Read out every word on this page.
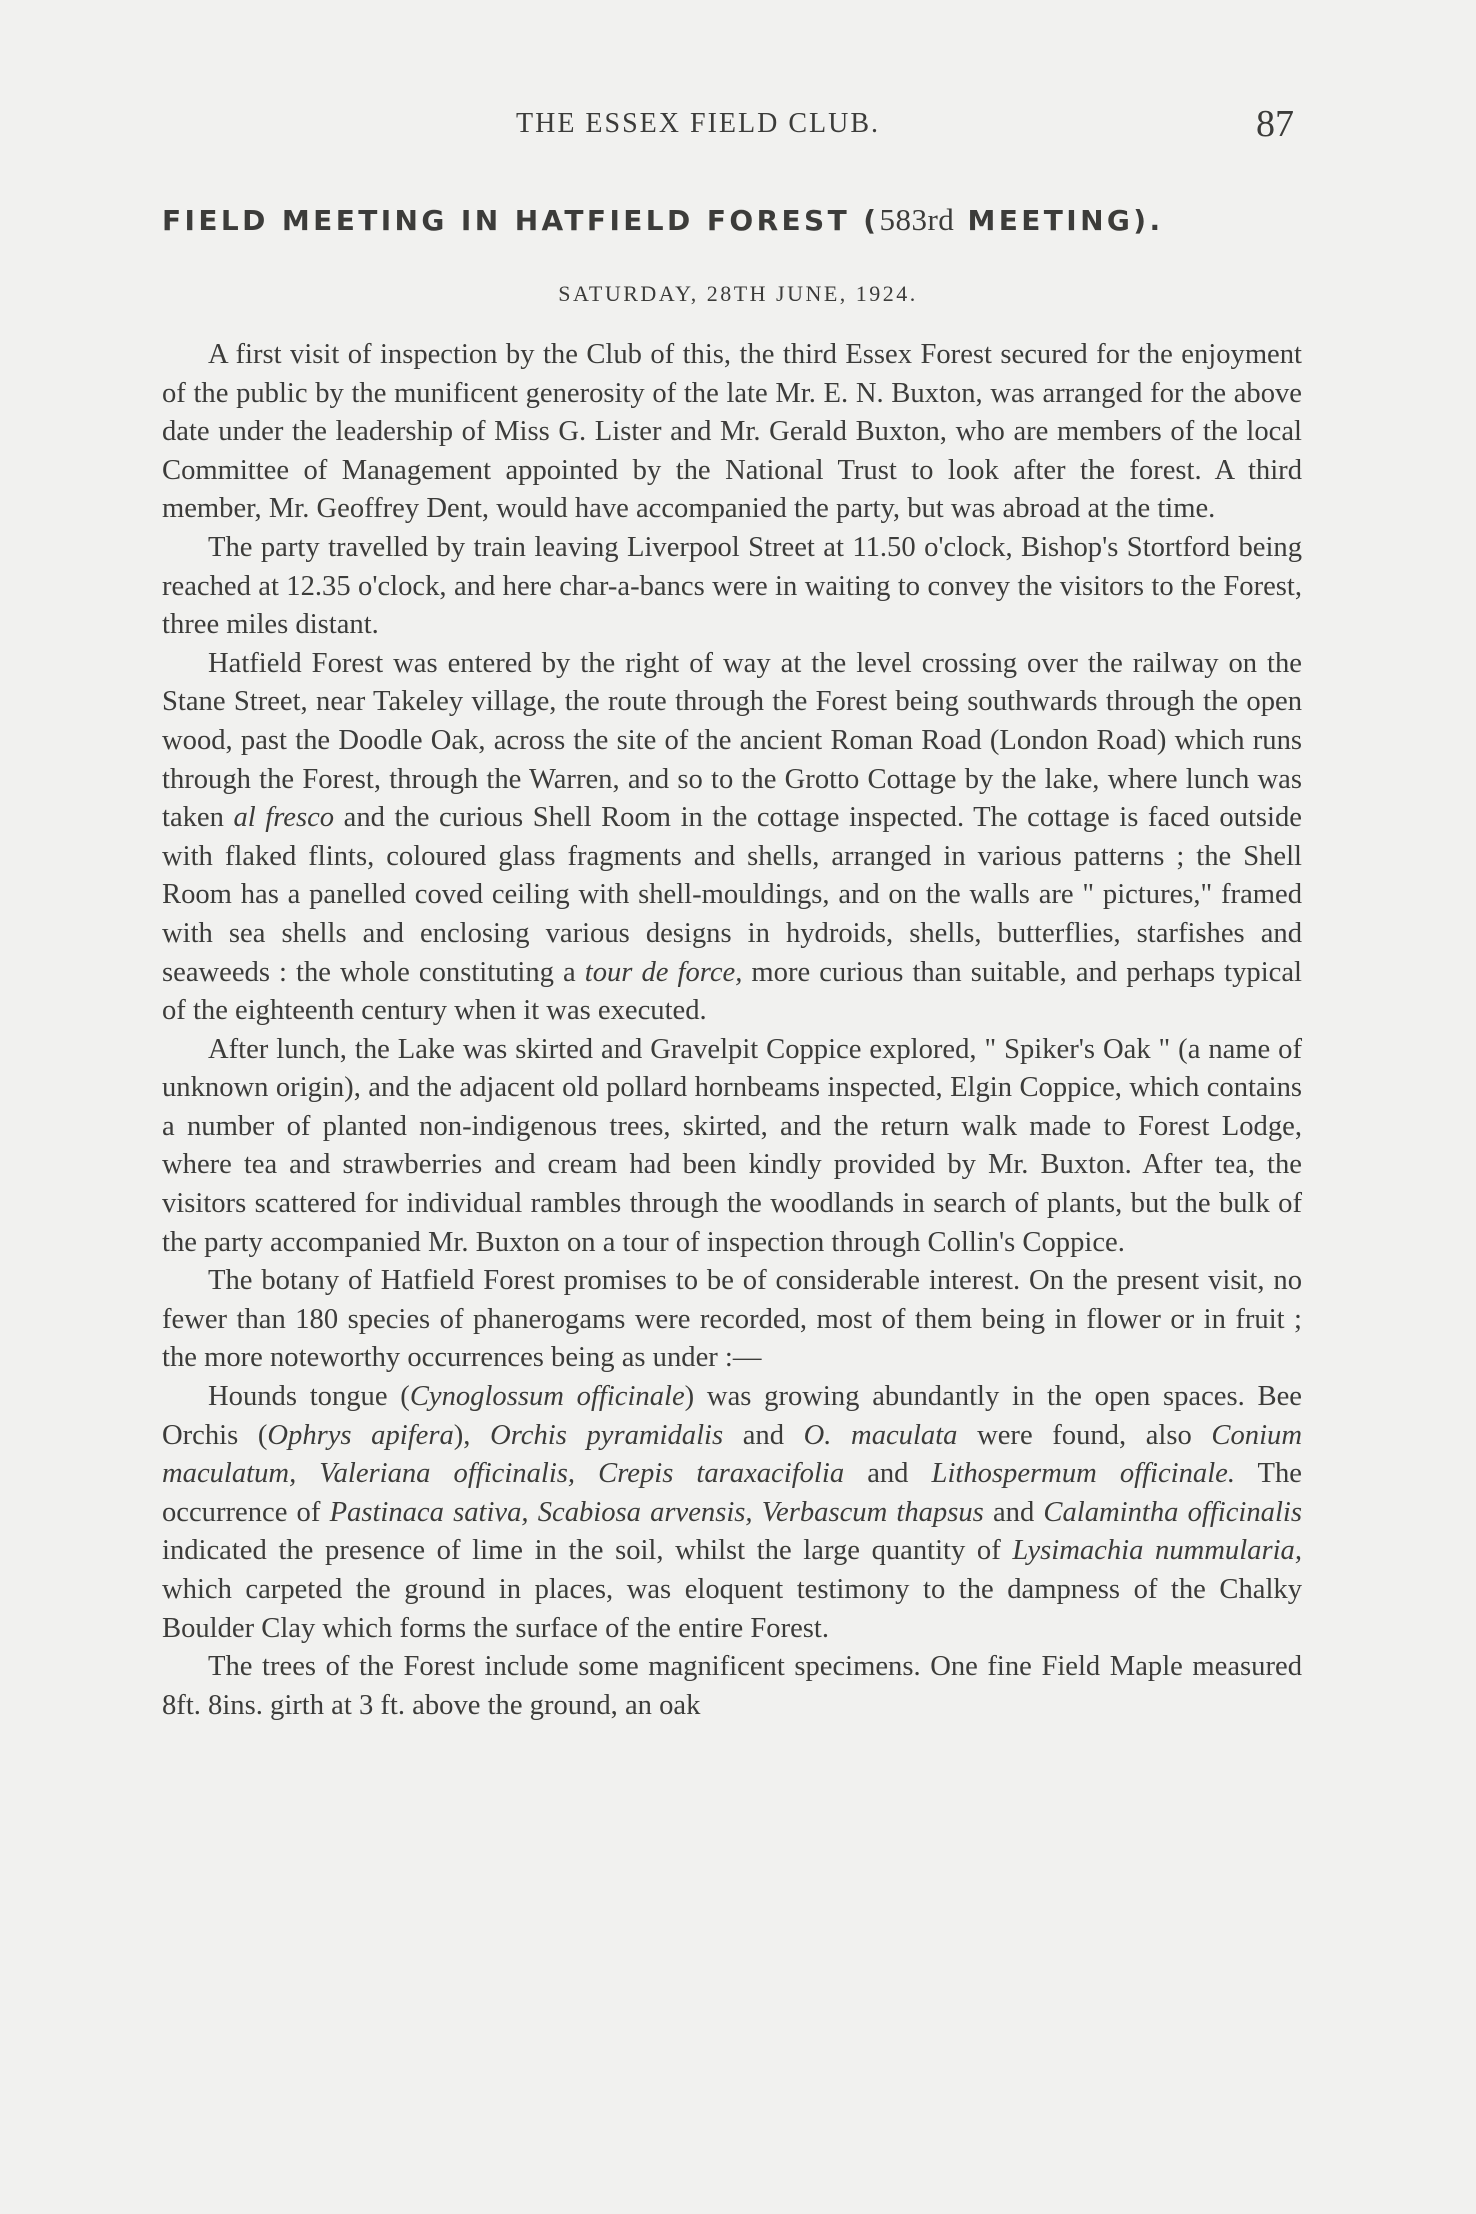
THE ESSEX FIELD CLUB.	87
FIELD MEETING IN HATFIELD FOREST (583rd MEETING).
SATURDAY, 28TH JUNE, 1924.

A first visit of inspection by the Club of this, the third Essex Forest secured for the enjoyment of the public by the munificent generosity of the late Mr. E. N. Buxton, was arranged for the above date under the leadership of Miss G. Lister and Mr. Gerald Buxton, who are members of the local Committee of Management appointed by the National Trust to look after the forest. A third member, Mr. Geoffrey Dent, would have accompanied the party, but was abroad at the time.

The party travelled by train leaving Liverpool Street at 11.50 o'clock, Bishop's Stortford being reached at 12.35 o'clock, and here char-a-bancs were in waiting to convey the visitors to the Forest, three miles distant.

Hatfield Forest was entered by the right of way at the level crossing over the railway on the Stane Street, near Takeley village, the route through the Forest being southwards through the open wood, past the Doodle Oak, across the site of the ancient Roman Road (London Road) which runs through the Forest, through the Warren, and so to the Grotto Cottage by the lake, where lunch was taken al fresco and the curious Shell Room in the cottage inspected. The cottage is faced outside with flaked flints, coloured glass fragments and shells, arranged in various patterns ; the Shell Room has a panelled coved ceiling with shell-mouldings, and on the walls are " pictures," framed with sea shells and enclosing various designs in hydroids, shells, butterflies, starfishes and seaweeds : the whole constituting a tour de force, more curious than suitable, and perhaps typical of the eighteenth century when it was executed.

After lunch, the Lake was skirted and Gravelpit Coppice explored, " Spiker's Oak " (a name of unknown origin), and the adjacent old pollard hornbeams inspected, Elgin Coppice, which contains a number of planted non-indigenous trees, skirted, and the return walk made to Forest Lodge, where tea and strawberries and cream had been kindly provided by Mr. Buxton. After tea, the visitors scattered for individual rambles through the woodlands in search of plants, but the bulk of the party accompanied Mr. Buxton on a tour of inspection through Collin's Coppice.

The botany of Hatfield Forest promises to be of considerable interest. On the present visit, no fewer than 180 species of phanerogams were recorded, most of them being in flower or in fruit ; the more noteworthy occurrences being as under :—

Hounds tongue (Cynoglossum officinale) was growing abundantly in the open spaces. Bee Orchis (Ophrys apifera), Orchis pyramidalis and O. maculata were found, also Conium maculatum, Valeriana officinalis, Crepis taraxacifolia and Lithospermum officinale. The occurrence of Pastinaca sativa, Scabiosa arvensis, Verbascum thapsus and Calamintha officinalis indicated the presence of lime in the soil, whilst the large quantity of Lysimachia nummularia, which carpeted the ground in places, was eloquent testimony to the dampness of the Chalky Boulder Clay which forms the surface of the entire Forest.

The trees of the Forest include some magnificent specimens. One fine Field Maple measured 8ft. 8ins. girth at 3 ft. above the ground, an oak
